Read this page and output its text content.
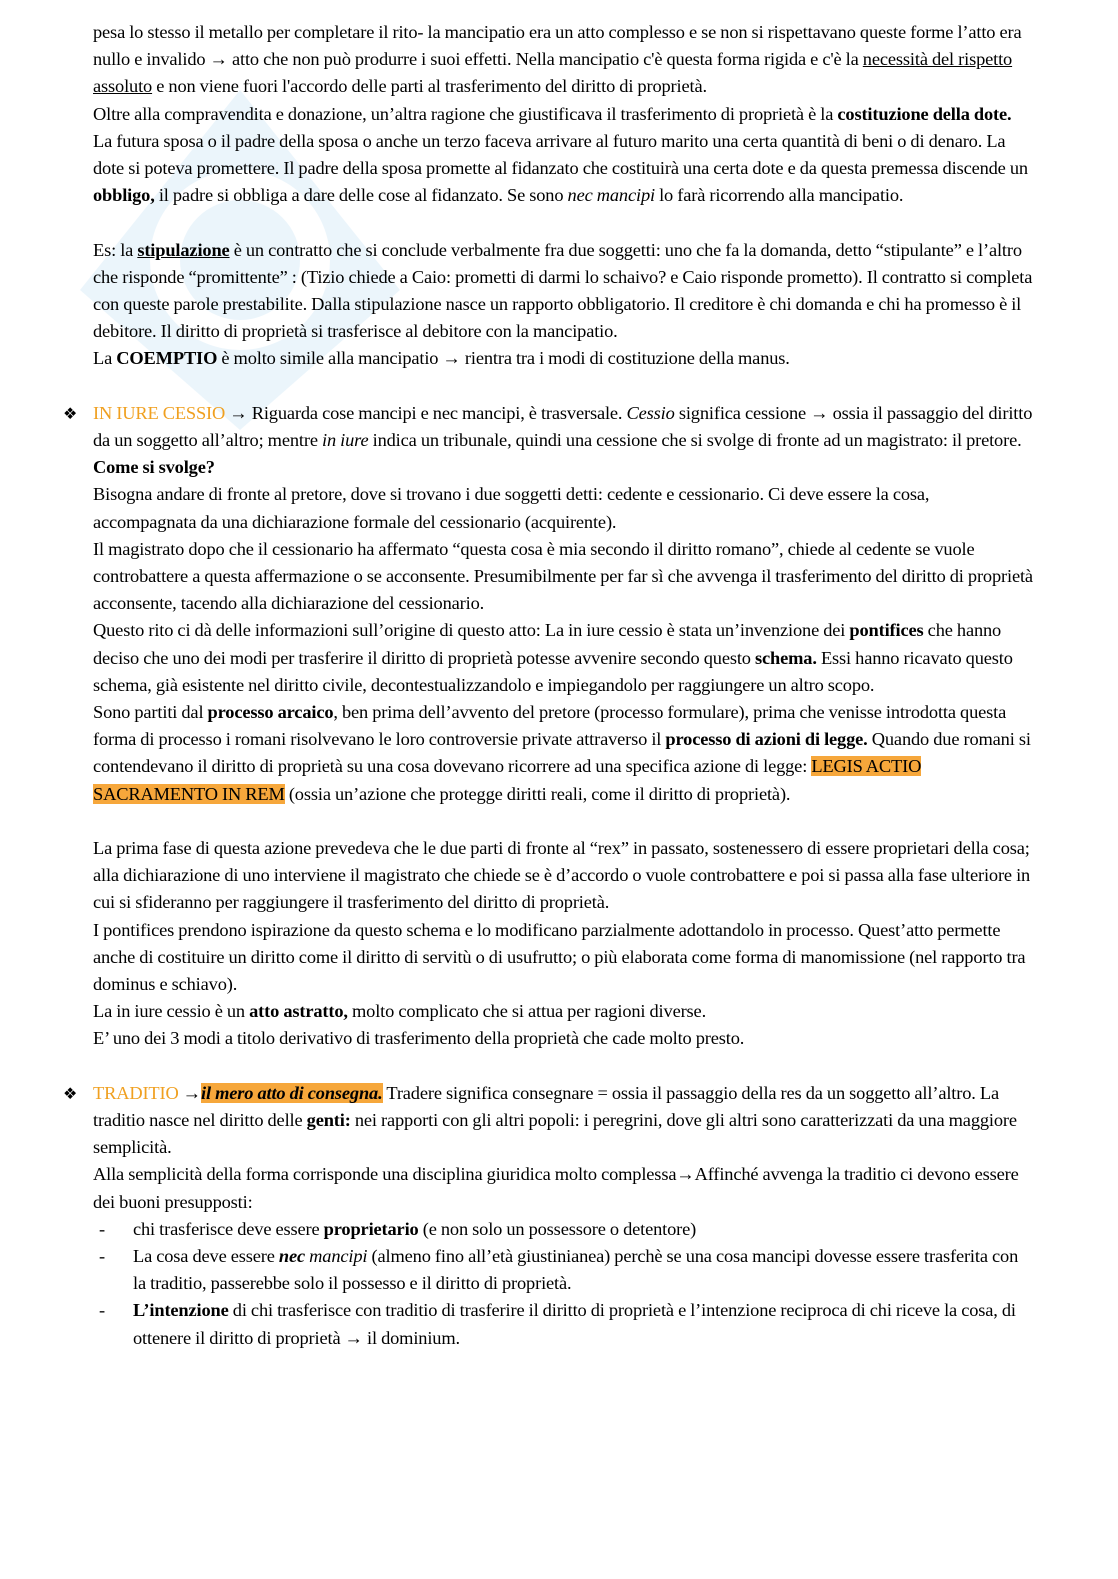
pesa lo stesso il metallo per completare il rito- la mancipatio era un atto complesso e se non si rispettavano queste forme l’atto era nullo e invalido → atto che non può produrre i suoi effetti. Nella mancipatio c'è questa forma rigida e c'è la necessità del rispetto assoluto e non viene fuori l'accordo delle parti al trasferimento del diritto di proprietà.

Oltre alla compravendita e donazione, un’altra ragione che giustificava il trasferimento di proprietà è la costituzione della dote. La futura sposa o il padre della sposa o anche un terzo faceva arrivare al futuro marito una certa quantità di beni o di denaro. La dote si poteva promettere. Il padre della sposa promette al fidanzato che costituirà una certa dote e da questa premessa discende un obbligo, il padre si obbliga a dare delle cose al fidanzato. Se sono nec mancipi lo farà ricorrendo alla mancipatio.

Es: la stipulazione è un contratto che si conclude verbalmente fra due soggetti: uno che fa la domanda, detto “stipulante” e l’altro che risponde “promittente” : (Tizio chiede a Caio: prometti di darmi lo schaivo? e Caio risponde prometto). Il contratto si completa con queste parole prestabilite. Dalla stipulazione nasce un rapporto obbligatorio. Il creditore è chi domanda e chi ha promesso è il debitore. Il diritto di proprietà si trasferisce al debitore con la mancipatio.

La COEMPTIO è molto simile alla mancipatio → rientra tra i modi di costituzione della manus.

❖ IN IURE CESSIO → Riguarda cose mancipi e nec mancipi, è trasversale. Cessio significa cessione → ossia il passaggio del diritto da un soggetto all’altro; mentre in iure indica un tribunale, quindi una cessione che si svolge di fronte ad un magistrato: il pretore.

Come si svolge?

Bisogna andare di fronte al pretore, dove si trovano i due soggetti detti: cedente e cessionario. Ci deve essere la cosa, accompagnata da una dichiarazione formale del cessionario (acquirente).

Il magistrato dopo che il cessionario ha affermato “questa cosa è mia secondo il diritto romano”, chiede al cedente se vuole controbattere a questa affermazione o se acconsente. Presumibilmente per far sì che avvenga il trasferimento del diritto di proprietà acconsente, tacendo alla dichiarazione del cessionario.

Questo rito ci dà delle informazioni sull’origine di questo atto: La in iure cessio è stata un’invenzione dei pontifices che hanno deciso che uno dei modi per trasferire il diritto di proprietà potesse avvenire secondo questo schema. Essi hanno ricavato questo schema, già esistente nel diritto civile, decontestualizzandolo e impiegandolo per raggiungere un altro scopo.

Sono partiti dal processo arcaico, ben prima dell’avvento del pretore (processo formulare), prima che venisse introdotta questa forma di processo i romani risolvevano le loro controversie private attraverso il processo di azioni di legge. Quando due romani si contendevano il diritto di proprietà su una cosa dovevano ricorrere ad una specifica azione di legge: LEGIS ACTIO SACRAMENTO IN REM (ossia un’azione che protegge diritti reali, come il diritto di proprietà).

La prima fase di questa azione prevedeva che le due parti di fronte al “rex” in passato, sostenessero di essere proprietari della cosa; alla dichiarazione di uno interviene il magistrato che chiede se è d’accordo o vuole controbattere e poi si passa alla fase ulteriore in cui si sfideranno per raggiungere il trasferimento del diritto di proprietà.

I pontifices prendono ispirazione da questo schema e lo modificano parzialmente adottandolo in processo. Quest’atto permette anche di costituire un diritto come il diritto di servitù o di usufrutto; o più elaborata come forma di manomissione (nel rapporto tra dominus e schiavo).

La in iure cessio è un atto astratto, molto complicato che si attua per ragioni diverse.

E’ uno dei 3 modi a titolo derivativo di trasferimento della proprietà che cade molto presto.

❖ TRADITIO →il mero atto di consegna. Tradere significa consegnare = ossia il passaggio della res da un soggetto all’altro. La traditio nasce nel diritto delle genti: nei rapporti con gli altri popoli: i peregrini, dove gli altri sono caratterizzati da una maggiore semplicità.

Alla semplicità della forma corrisponde una disciplina giuridica molto complessa→Affinché avvenga la traditio ci devono essere dei buoni presupposti:

- chi trasferisce deve essere proprietario (e non solo un possessore o detentore)
- La cosa deve essere nec mancipi (almeno fino all’età giustinianea) perchè se una cosa mancipi dovesse essere trasferita con la traditio, passerebbe solo il possesso e il diritto di proprietà.
- L’intenzione di chi trasferisce con traditio di trasferire il diritto di proprietà e l’intenzione reciproca di chi riceve la cosa, di ottenere il diritto di proprietà → il dominium.
